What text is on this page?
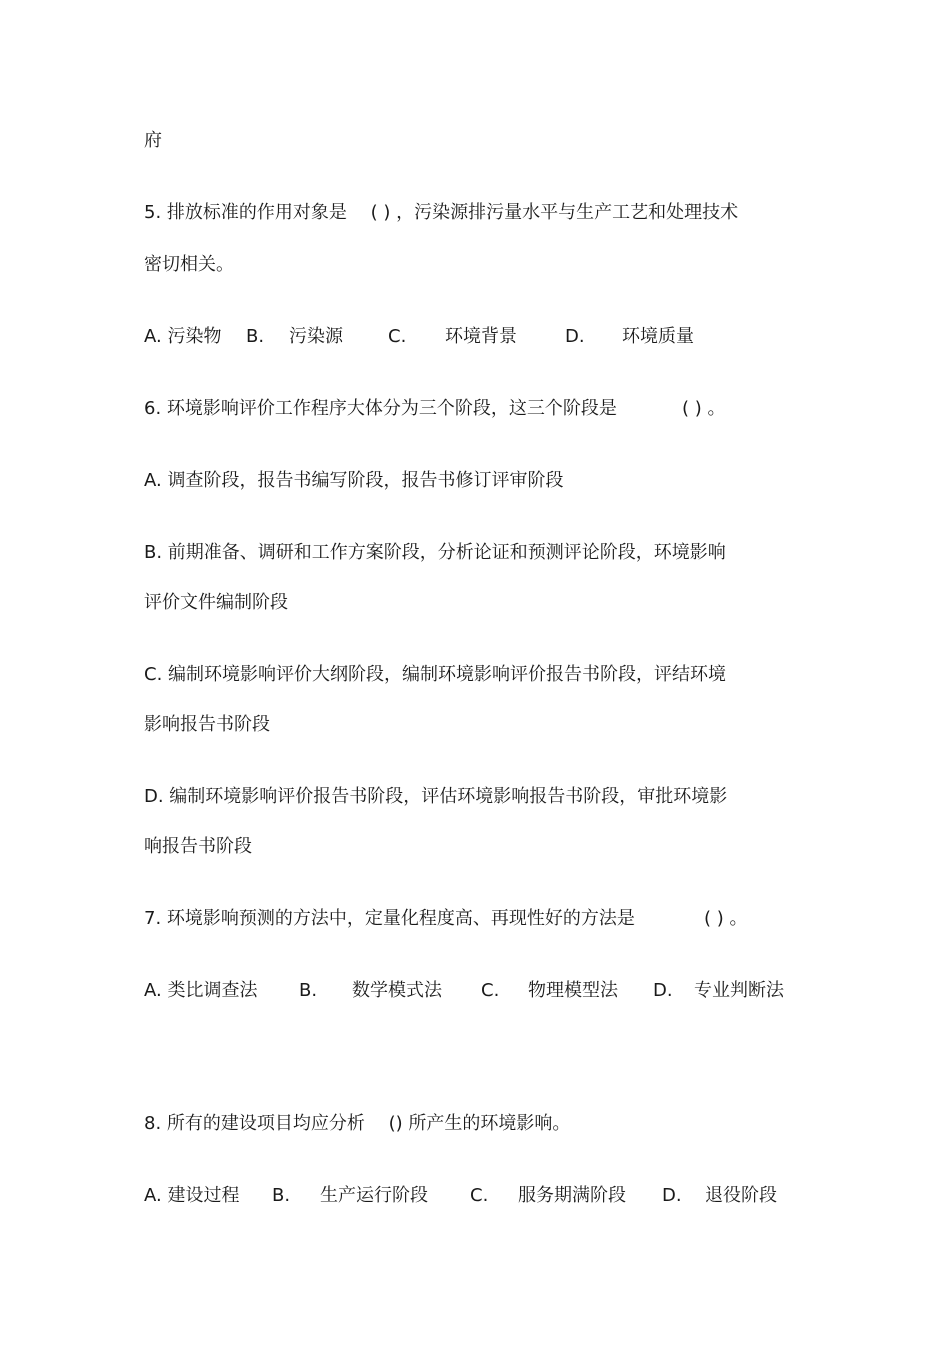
府
5. 排放标准的作用对象是　 ( ) ，污染源排污量水平与生产工艺和处理技术
密切相关。
A. 污染物 B. 污染源	C. 环境背景	D. 环境质量
6. 环境影响评价工作程序大体分为三个阶段，这三个阶段是	( ) 。
A. 调查阶段，报告书编写阶段，报告书修订评审阶段
B. 前期准备、调研和工作方案阶段，分析论证和预测评论阶段，环境影响
评价文件编制阶段
C. 编制环境影响评价大纲阶段，编制环境影响评价报告书阶段，评结环境
影响报告书阶段
D. 编制环境影响评价报告书阶段，评估环境影响报告书阶段，审批环境影
响报告书阶段
7. 环境影响预测的方法中，定量化程度高、再现性好的方法是	( ) 。
A. 类比调查法 B. 数学模式法 C. 物理模型法 D. 专业判断法
8. 所有的建设项目均应分析　 () 所产生的环境影响。
A. 建设过程 B. 生产运行阶段 C. 服务期满阶段 D. 退役阶段
